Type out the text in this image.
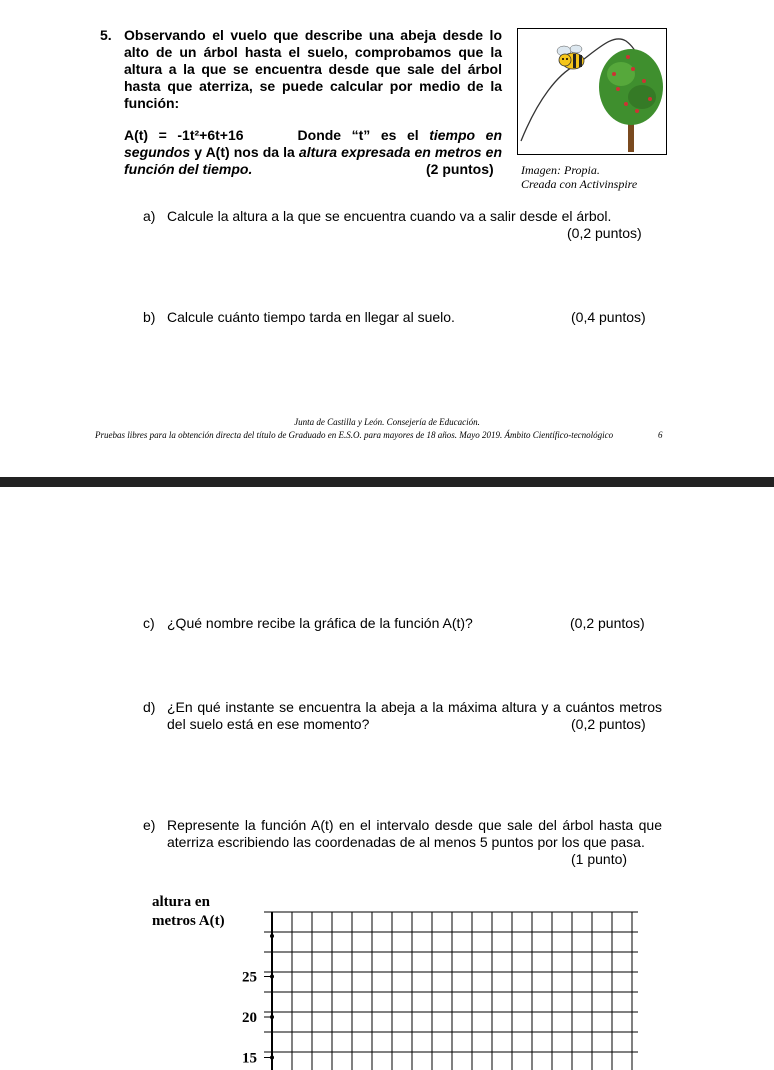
5. Observando el vuelo que describe una abeja desde lo alto de un árbol hasta el suelo, comprobamos que la altura a la que se encuentra desde que sale del árbol hasta que aterriza, se puede calcular por medio de la función:
A(t) = -1t²+6t+16	Donde “t” es el tiempo en segundos y A(t) nos da la altura expresada en metros en función del tiempo.	(2 puntos) Imagen: Propia.
Creada con Activinspire
a) Calcule la altura a la que se encuentra cuando va a salir desde el árbol.
(0,2 puntos)
b) Calcule cuánto tiempo tarda en llegar al suelo.	(0,4 puntos)
Junta de Castilla y León. Consejería de Educación.
Pruebas libres para la obtención directa del título de Graduado en E.S.O. para mayores de 18 años. Mayo 2019. Ámbito Científico-tecnológico	6
c) ¿Qué nombre recibe la gráfica de la función A(t)?	(0,2 puntos)
d) ¿En qué instante se encuentra la abeja a la máxima altura y a cuántos metros del suelo está en ese momento?	(0,2 puntos)
e) Represente la función A(t) en el intervalo desde que sale del árbol hasta que aterriza escribiendo las coordenadas de al menos 5 puntos por los que pasa.
(1 punto)
altura en
metros A(t)
25
20
15
